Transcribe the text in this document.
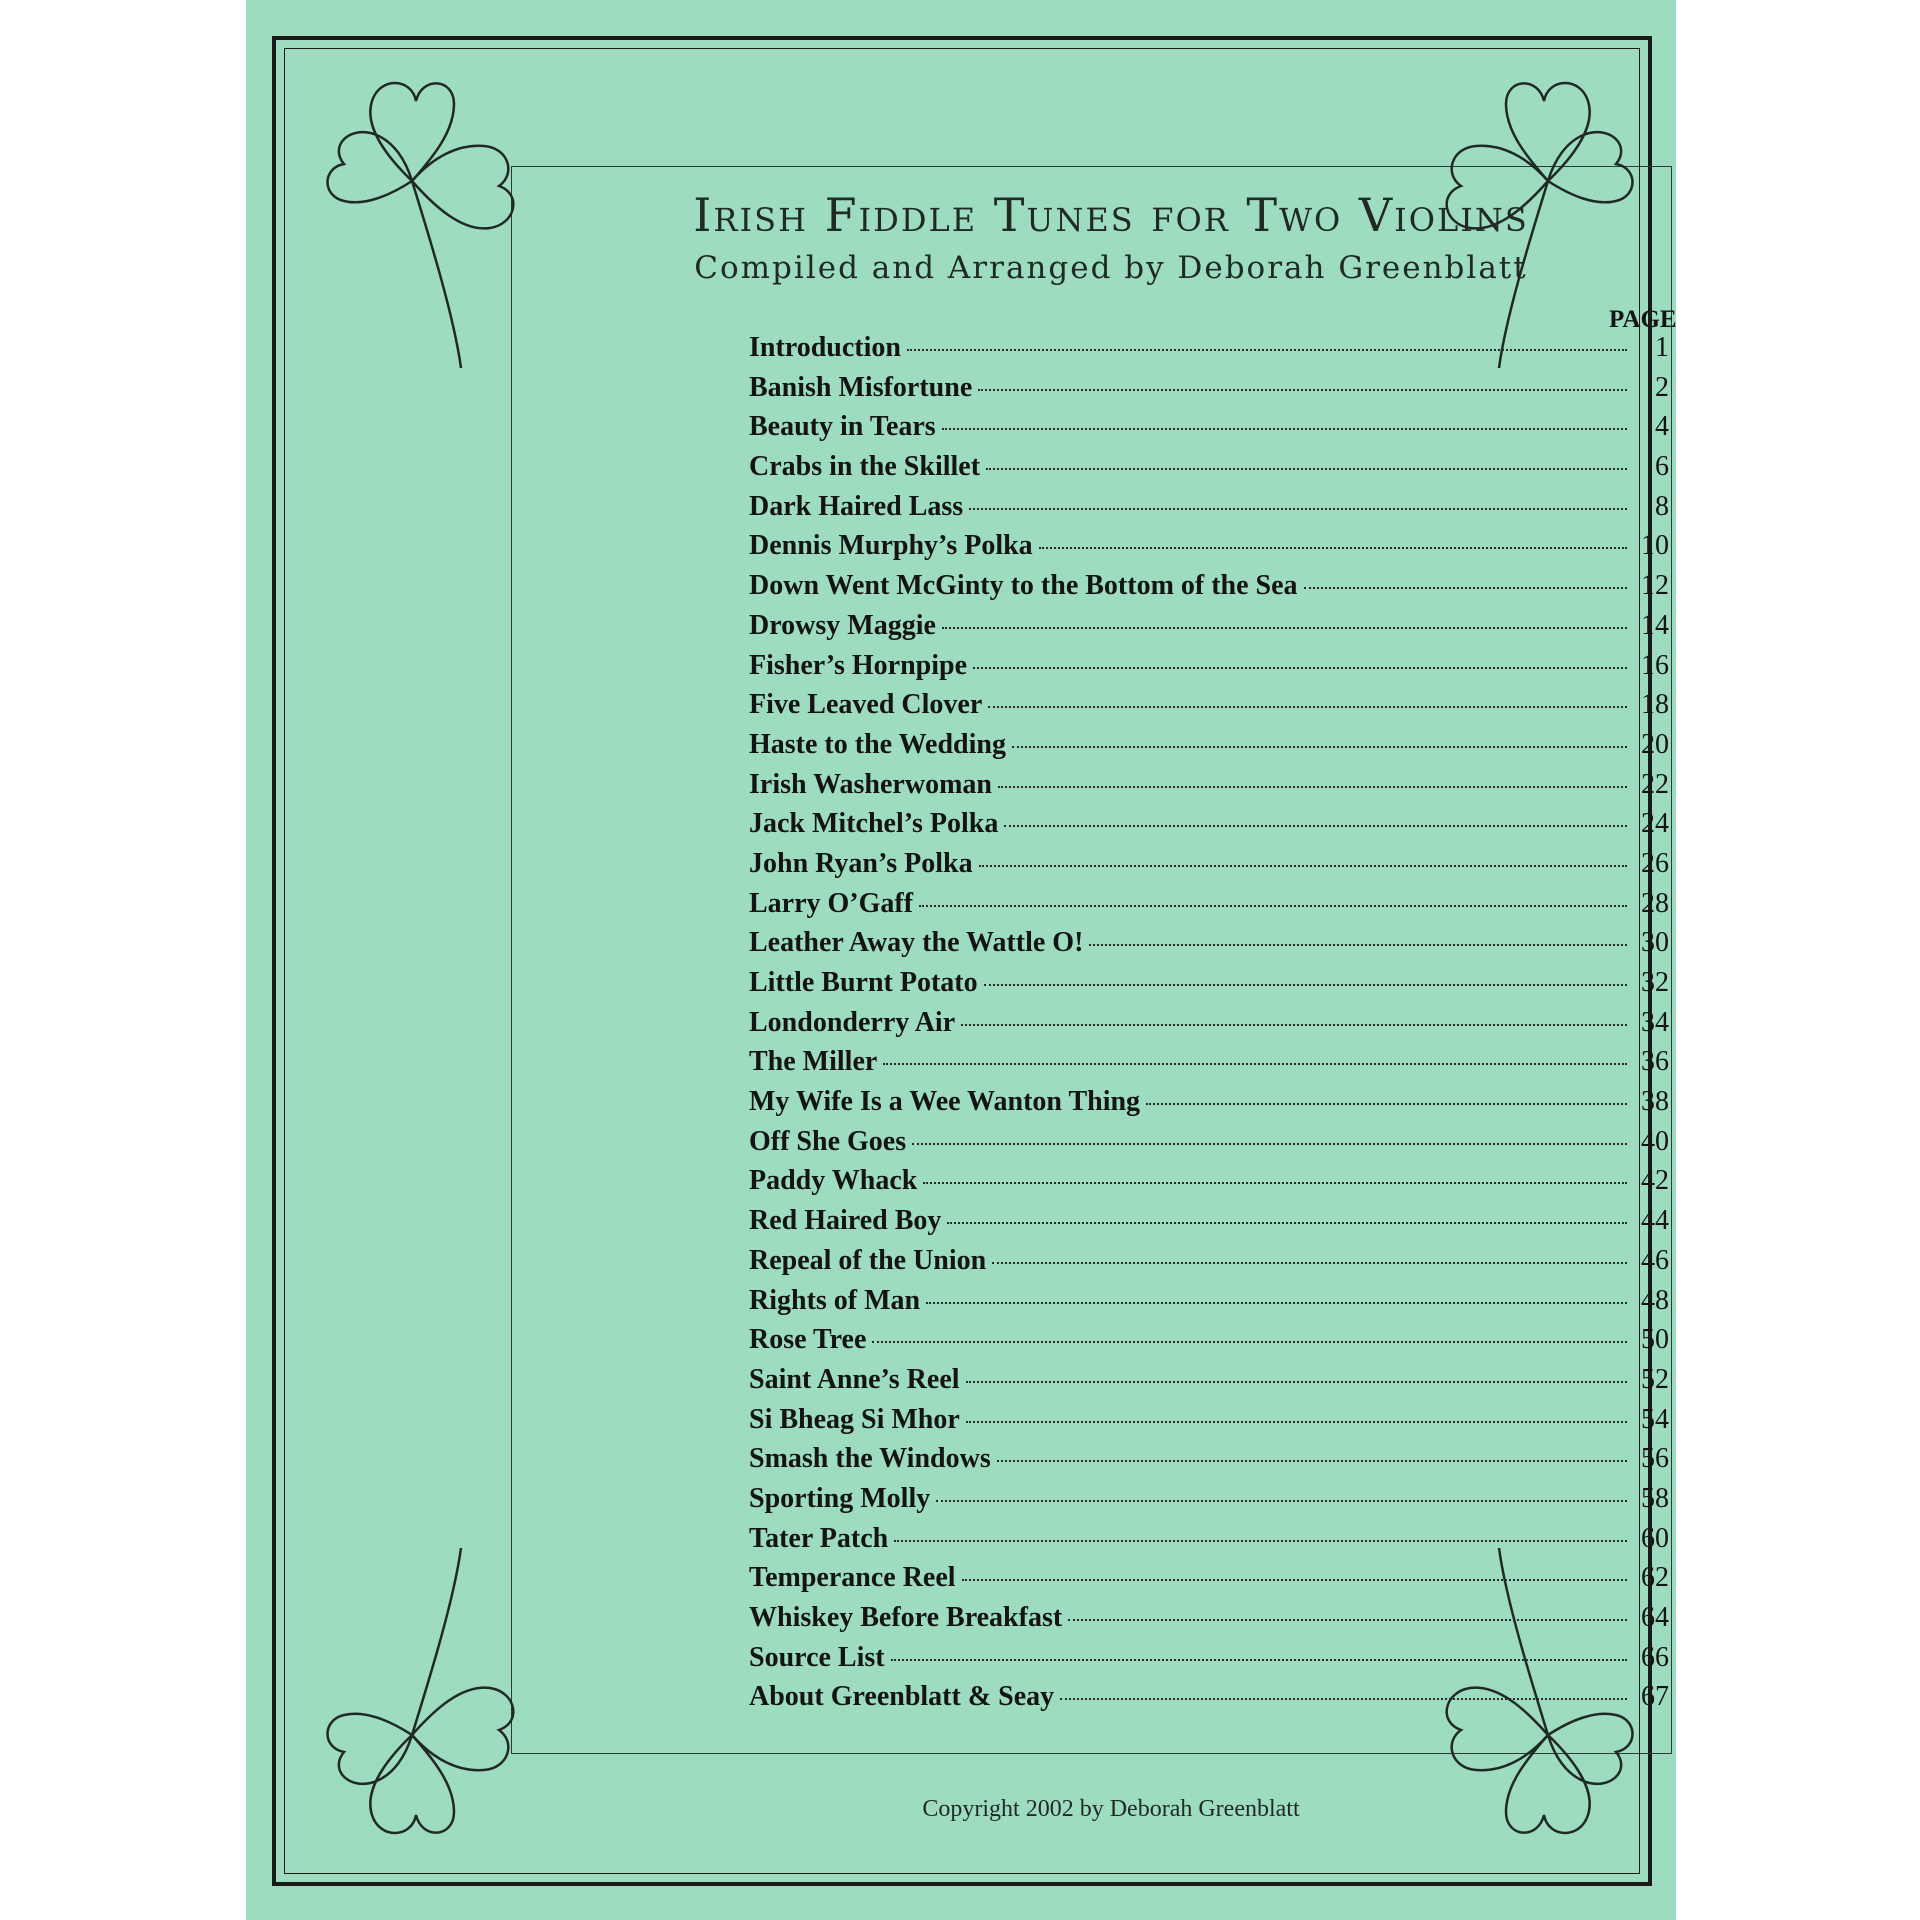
Irish Fiddle Tunes for Two Violins
Compiled and Arranged by Deborah Greenblatt
PAGE
Introduction	1
Banish Misfortune	2
Beauty in Tears	4
Crabs in the Skillet	6
Dark Haired Lass	8
Dennis Murphy’s Polka	10
Down Went McGinty to the Bottom of the Sea	12
Drowsy Maggie	14
Fisher’s Hornpipe	16
Five Leaved Clover	18
Haste to the Wedding	20
Irish Washerwoman	22
Jack Mitchel’s Polka	24
John Ryan’s Polka	26
Larry O’Gaff	28
Leather Away the Wattle O!	30
Little Burnt Potato	32
Londonderry Air	34
The Miller	36
My Wife Is a Wee Wanton Thing	38
Off She Goes	40
Paddy Whack	42
Red Haired Boy	44
Repeal of the Union	46
Rights of Man	48
Rose Tree	50
Saint Anne’s Reel	52
Si Bheag Si Mhor	54
Smash the Windows	56
Sporting Molly	58
Tater Patch	60
Temperance Reel	62
Whiskey Before Breakfast	64
Source List	66
About Greenblatt & Seay	67
Copyright 2002 by Deborah Greenblatt
